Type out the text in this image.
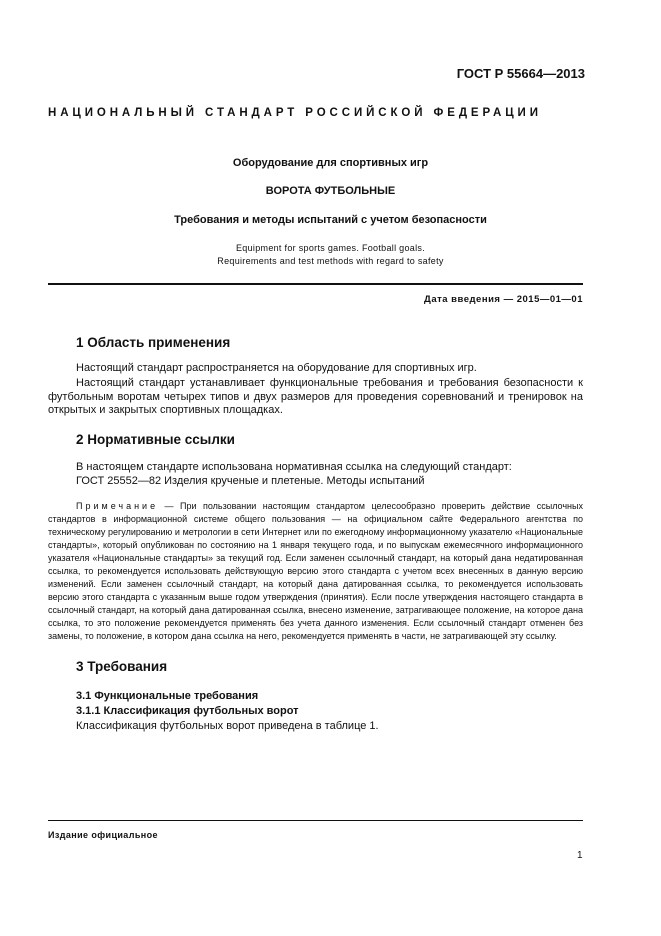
ГОСТ Р 55664—2013
НАЦИОНАЛЬНЫЙ СТАНДАРТ РОССИЙСКОЙ ФЕДЕРАЦИИ
Оборудование для спортивных игр
ВОРОТА ФУТБОЛЬНЫЕ
Требования и методы испытаний с учетом безопасности
Equipment for sports games. Football goals.
Requirements and test methods with regard to safety
Дата введения — 2015—01—01
1 Область применения
Настоящий стандарт распространяется на оборудование для спортивных игр.
Настоящий стандарт устанавливает функциональные требования и требования безопасности к футбольным воротам четырех типов и двух размеров для проведения соревнований и тренировок на открытых и закрытых спортивных площадках.
2 Нормативные ссылки
В настоящем стандарте использована нормативная ссылка на следующий стандарт:
ГОСТ 25552—82 Изделия крученые и плетеные. Методы испытаний
Примечание — При пользовании настоящим стандартом целесообразно проверить действие ссылочных стандартов в информационной системе общего пользования — на официальном сайте Федерального агентства по техническому регулированию и метрологии в сети Интернет или по ежегодному информационному указателю «Национальные стандарты», который опубликован по состоянию на 1 января текущего года, и по выпускам ежемесячного информационного указателя «Национальные стандарты» за текущий год. Если заменен ссылочный стандарт, на который дана недатированная ссылка, то рекомендуется использовать действующую версию этого стандарта с учетом всех внесенных в данную версию изменений. Если заменен ссылочный стандарт, на который дана датированная ссылка, то рекомендуется использовать версию этого стандарта с указанным выше годом утверждения (принятия). Если после утверждения настоящего стандарта в ссылочный стандарт, на который дана датированная ссылка, внесено изменение, затрагивающее положение, на которое дана ссылка, то это положение рекомендуется применять без учета данного изменения. Если ссылочный стандарт отменен без замены, то положение, в котором дана ссылка на него, рекомендуется применять в части, не затрагивающей эту ссылку.
3 Требования
3.1 Функциональные требования
3.1.1 Классификация футбольных ворот
Классификация футбольных ворот приведена в таблице 1.
Издание официальное
1
